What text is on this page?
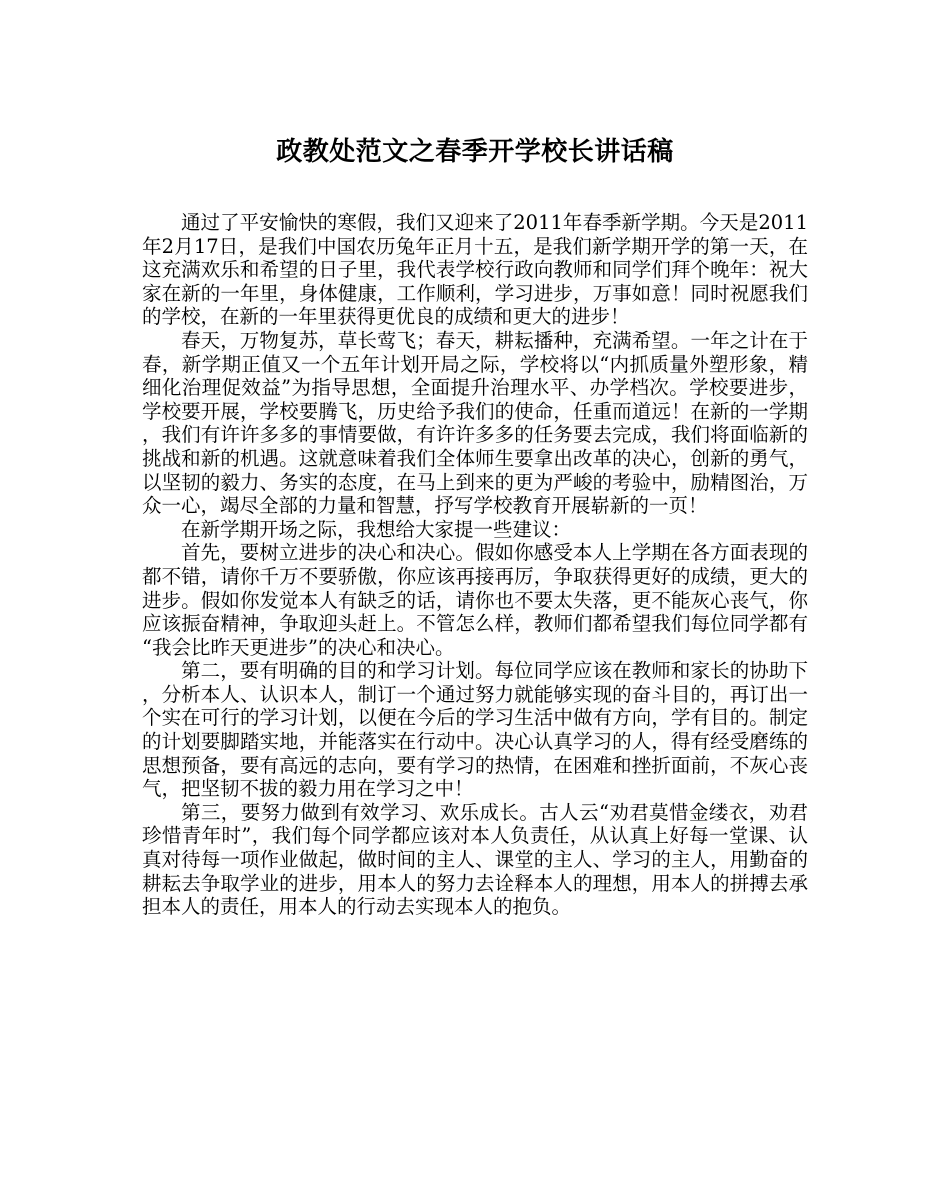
政教处范文之春季开学校长讲话稿

通过了平安愉快的寒假，我们又迎来了2011年春季新学期。今天是2011年2月17日，是我们中国农历兔年正月十五，是我们新学期开学的第一天，在这充满欢乐和希望的日子里，我代表学校行政向教师和同学们拜个晚年：祝大家在新的一年里，身体健康，工作顺利，学习进步，万事如意！同时祝愿我们的学校，在新的一年里获得更优良的成绩和更大的进步！

春天，万物复苏，草长莺飞；春天，耕耘播种，充满希望。一年之计在于春，新学期正值又一个五年计划开局之际，学校将以“内抓质量外塑形象，精细化治理促效益”为指导思想，全面提升治理水平、办学档次。学校要进步，学校要开展，学校要腾飞，历史给予我们的使命，任重而道远！在新的一学期，我们有许许多多的事情要做，有许许多多的任务要去完成，我们将面临新的挑战和新的机遇。这就意味着我们全体师生要拿出改革的决心，创新的勇气，以坚韧的毅力、务实的态度，在马上到来的更为严峻的考验中，励精图治，万众一心，竭尽全部的力量和智慧，抒写学校教育开展崭新的一页！

在新学期开场之际，我想给大家提一些建议：

首先，要树立进步的决心和决心。假如你感受本人上学期在各方面表现的都不错，请你千万不要骄傲，你应该再接再厉，争取获得更好的成绩，更大的进步。假如你发觉本人有缺乏的话，请你也不要太失落，更不能灰心丧气，你应该振奋精神，争取迎头赶上。不管怎么样，教师们都希望我们每位同学都有“我会比昨天更进步”的决心和决心。

第二，要有明确的目的和学习计划。每位同学应该在教师和家长的协助下，分析本人、认识本人，制订一个通过努力就能够实现的奋斗目的，再订出一个实在可行的学习计划，以便在今后的学习生活中做有方向，学有目的。制定的计划要脚踏实地，并能落实在行动中。决心认真学习的人，得有经受磨练的思想预备，要有高远的志向，要有学习的热情，在困难和挫折面前，不灰心丧气，把坚韧不拔的毅力用在学习之中！

第三，要努力做到有效学习、欢乐成长。古人云“劝君莫惜金缕衣，劝君珍惜青年时”，我们每个同学都应该对本人负责任，从认真上好每一堂课、认真对待每一项作业做起，做时间的主人、课堂的主人、学习的主人，用勤奋的耕耘去争取学业的进步，用本人的努力去诠释本人的理想，用本人的拼搏去承担本人的责任，用本人的行动去实现本人的抱负。
